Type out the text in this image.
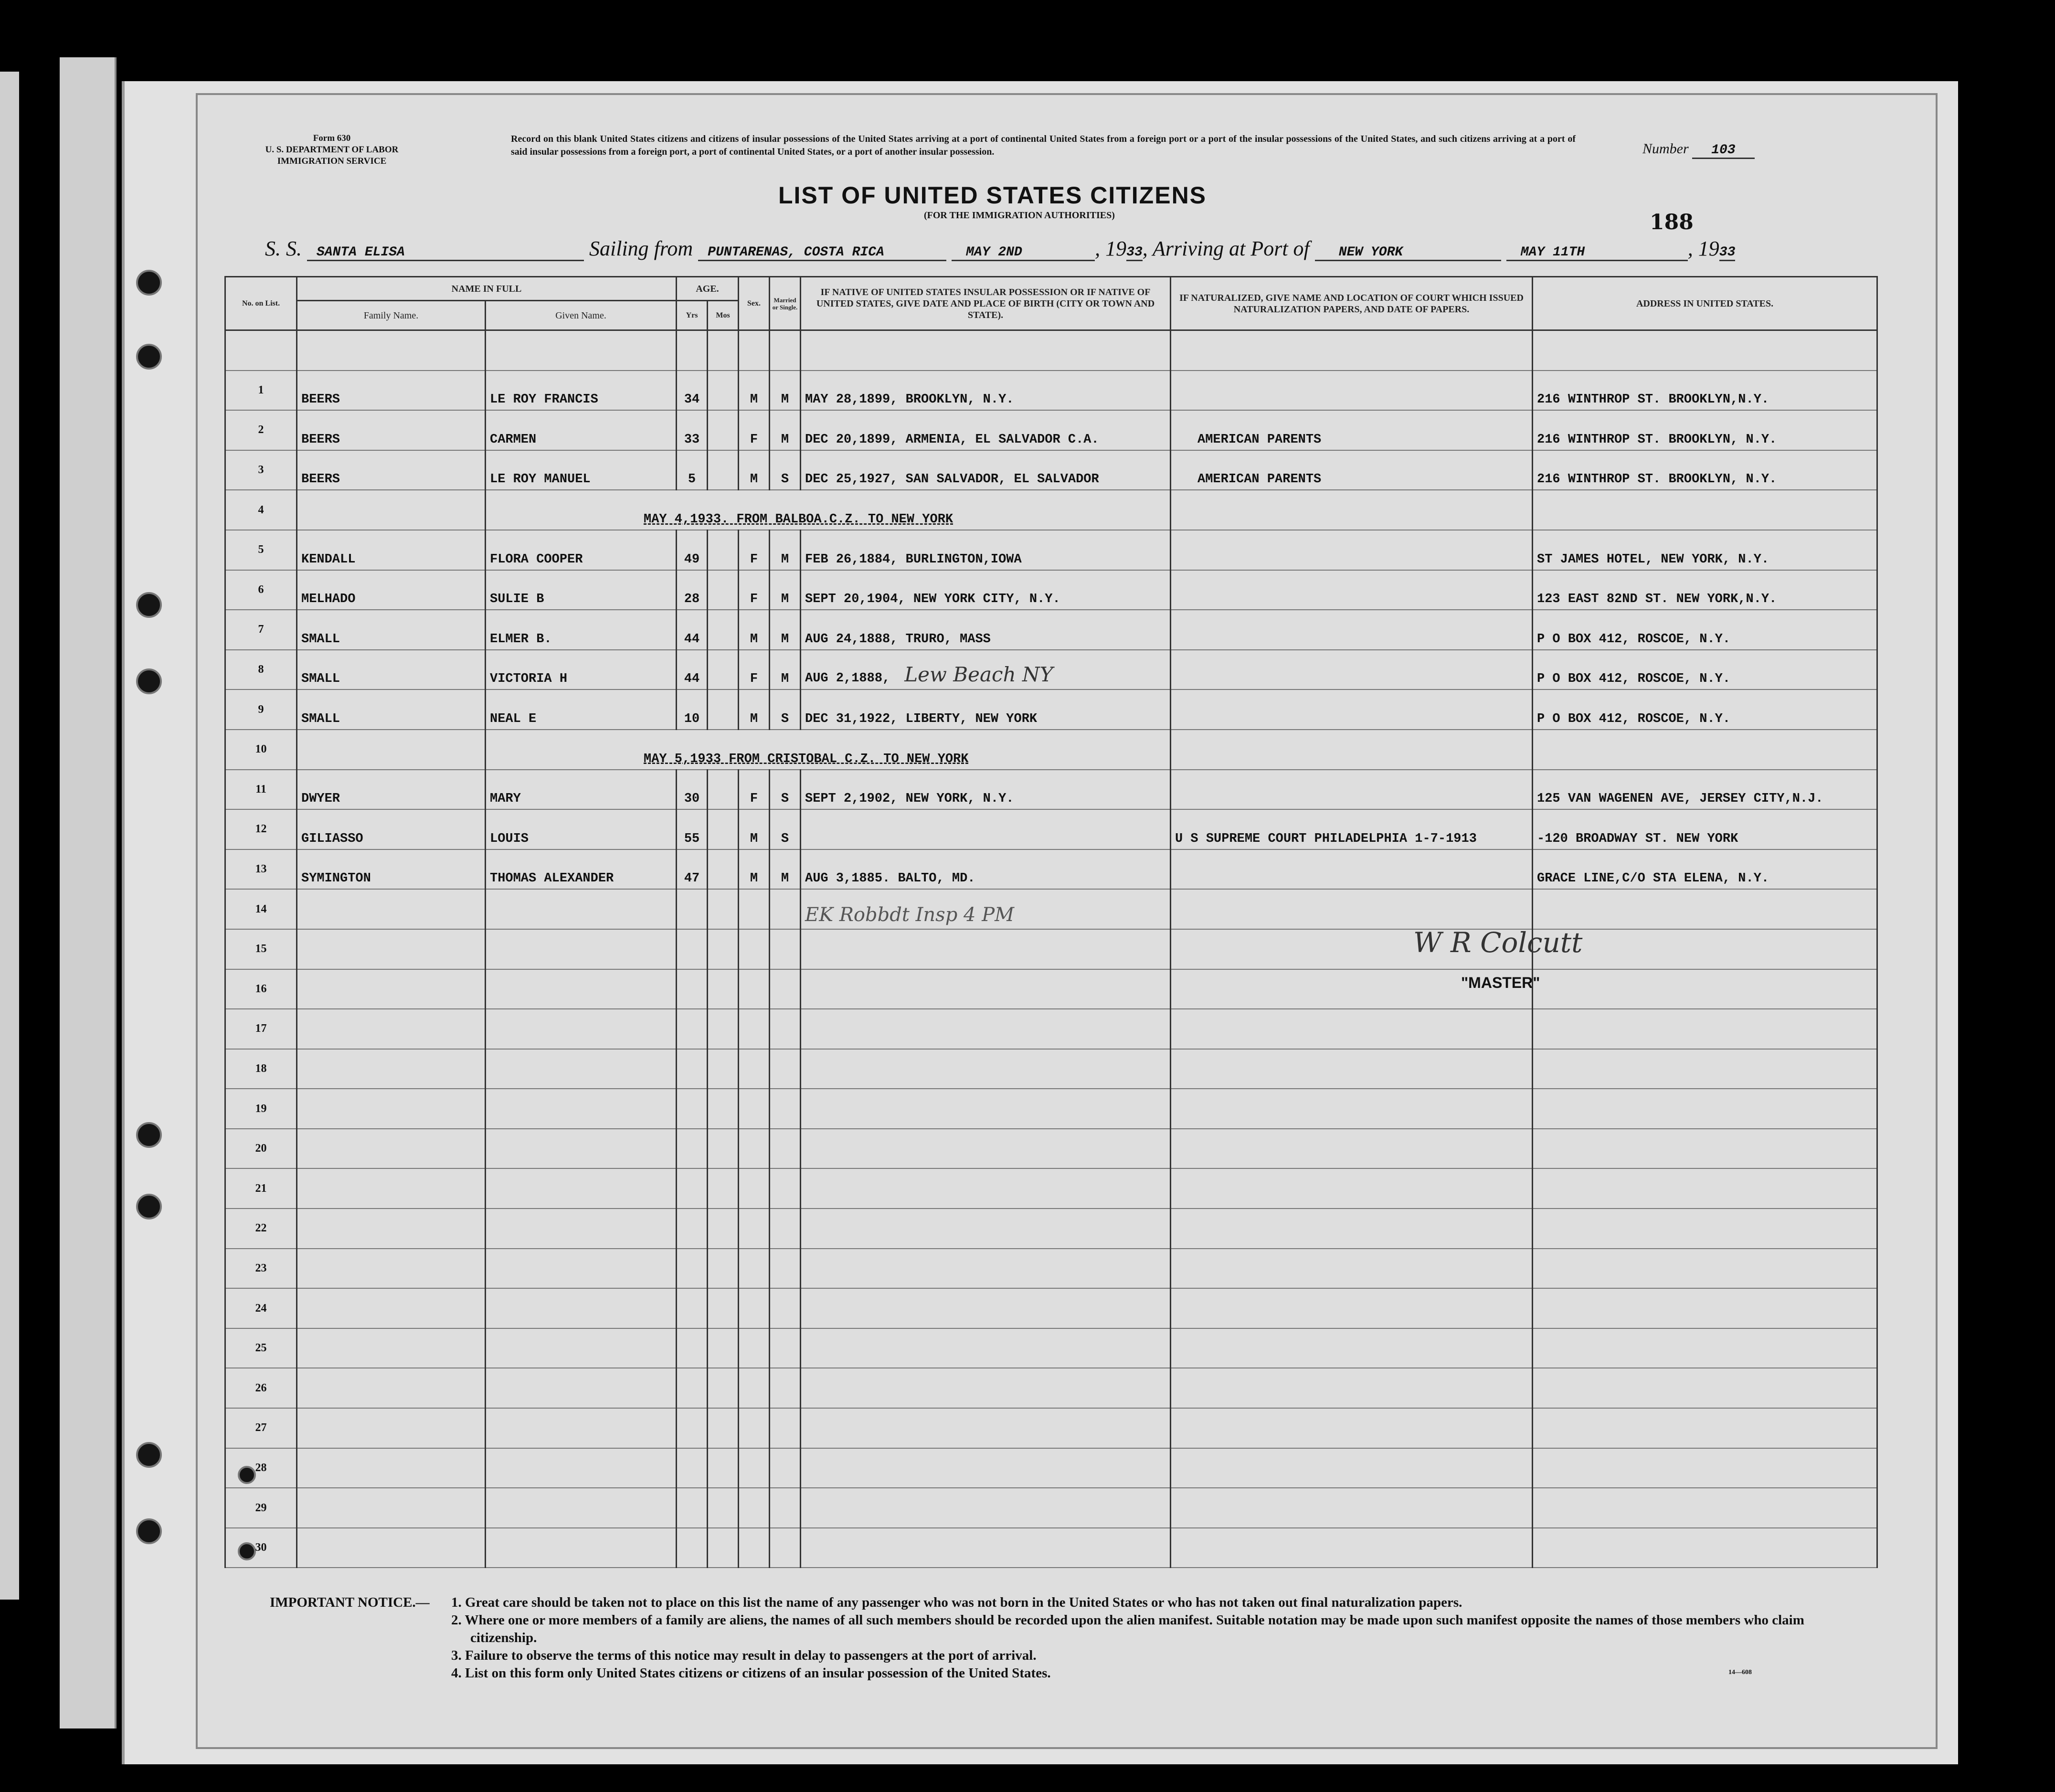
Form 630
U. S. DEPARTMENT OF LABOR
IMMIGRATION SERVICE
Record on this blank United States citizens and citizens of insular possessions of the United States arriving at a port of continental United States from a foreign port or a port of the insular possessions of the United States, and such citizens arriving at a port of said insular possessions from a foreign port, a port of continental United States, or a port of another insular possession.	Number 103
LIST OF UNITED STATES CITIZENS
(FOR THE IMMIGRATION AUTHORITIES)	188
S. S. SANTA ELISA	Sailing from PUNTARENAS, COSTA RICA	MAY 2ND	, 1933, Arriving at Port of NEW YORK	MAY 11TH	, 1933
No. on List.	NAME IN FULL		AGE.		Sex.	Married or Single.	IF NATIVE OF UNITED STATES INSULAR POSSESSION OR IF NATIVE OF UNITED STATES, GIVE DATE AND PLACE OF BIRTH (CITY OR TOWN AND STATE).	IF NATURALIZED, GIVE NAME AND LOCATION OF COURT WHICH ISSUED NATURALIZATION PAPERS, AND DATE OF PAPERS.	ADDRESS IN UNITED STATES.
	Family Name.	Given Name.	Yrs	Mos					

1	BEERS	LE ROY FRANCIS	34		M	M	MAY 28,1899, BROOKLYN, N.Y.		216 WINTHROP ST. BROOKLYN,N.Y.
2	BEERS	CARMEN	33		F	M	DEC 20,1899, ARMENIA, EL SALVADOR C.A.	AMERICAN PARENTS	216 WINTHROP ST. BROOKLYN, N.Y.
3	BEERS	LE ROY MANUEL	5		M	S	DEC 25,1927, SAN SALVADOR, EL SALVADOR	AMERICAN PARENTS	216 WINTHROP ST. BROOKLYN, N.Y.
4		MAY 4,1933. FROM BALBOA.C.Z. TO NEW YORK							
5	KENDALL	FLORA COOPER	49		F	M	FEB 26,1884, BURLINGTON,IOWA		ST JAMES HOTEL, NEW YORK, N.Y.
6	MELHADO	SULIE B	28		F	M	SEPT 20,1904, NEW YORK CITY, N.Y.		123 EAST 82ND ST. NEW YORK,N.Y.
7	SMALL	ELMER B.	44		M	M	AUG 24,1888, TRURO, MASS		P O BOX 412, ROSCOE, N.Y.
8	SMALL	VICTORIA H	44		F	M	AUG 2,1888, Lew Beach NY		P O BOX 412, ROSCOE, N.Y.
9	SMALL	NEAL E	10		M	S	DEC 31,1922, LIBERTY, NEW YORK		P O BOX 412, ROSCOE, N.Y.
10		MAY 5,1933 FROM CRISTOBAL C.Z. TO NEW YORK							
11	DWYER	MARY	30		F	S	SEPT 2,1902, NEW YORK, N.Y.		125 VAN WAGENEN AVE, JERSEY CITY,N.J.
12	GILIASSO	LOUIS	55		M	S		U S SUPREME COURT PHILADELPHIA 1-7-1913	-120 BROADWAY ST. NEW YORK
13	SYMINGTON	THOMAS ALEXANDER	47		M	M	AUG 3,1885. BALTO, MD.		GRACE LINE,C/O STA ELENA, N.Y.
14							EK Robbdt Insp 4 PM		
15									
16									
17									
18									
19									
20									
21									
22									
23									
24									
25									
26									
27									
28									
29									
30									
W R Colcutt
"MASTER"
IMPORTANT NOTICE.—	1. Great care should be taken not to place on this list the name of any passenger who was not born in the United States or who has not taken out final naturalization papers.
2. Where one or more members of a family are aliens, the names of all such members should be recorded upon the alien manifest. Suitable notation may be made upon such manifest opposite the names of those members who claim citizenship.
3. Failure to observe the terms of this notice may result in delay to passengers at the port of arrival.
4. List on this form only United States citizens or citizens of an insular possession of the United States.	14—608
